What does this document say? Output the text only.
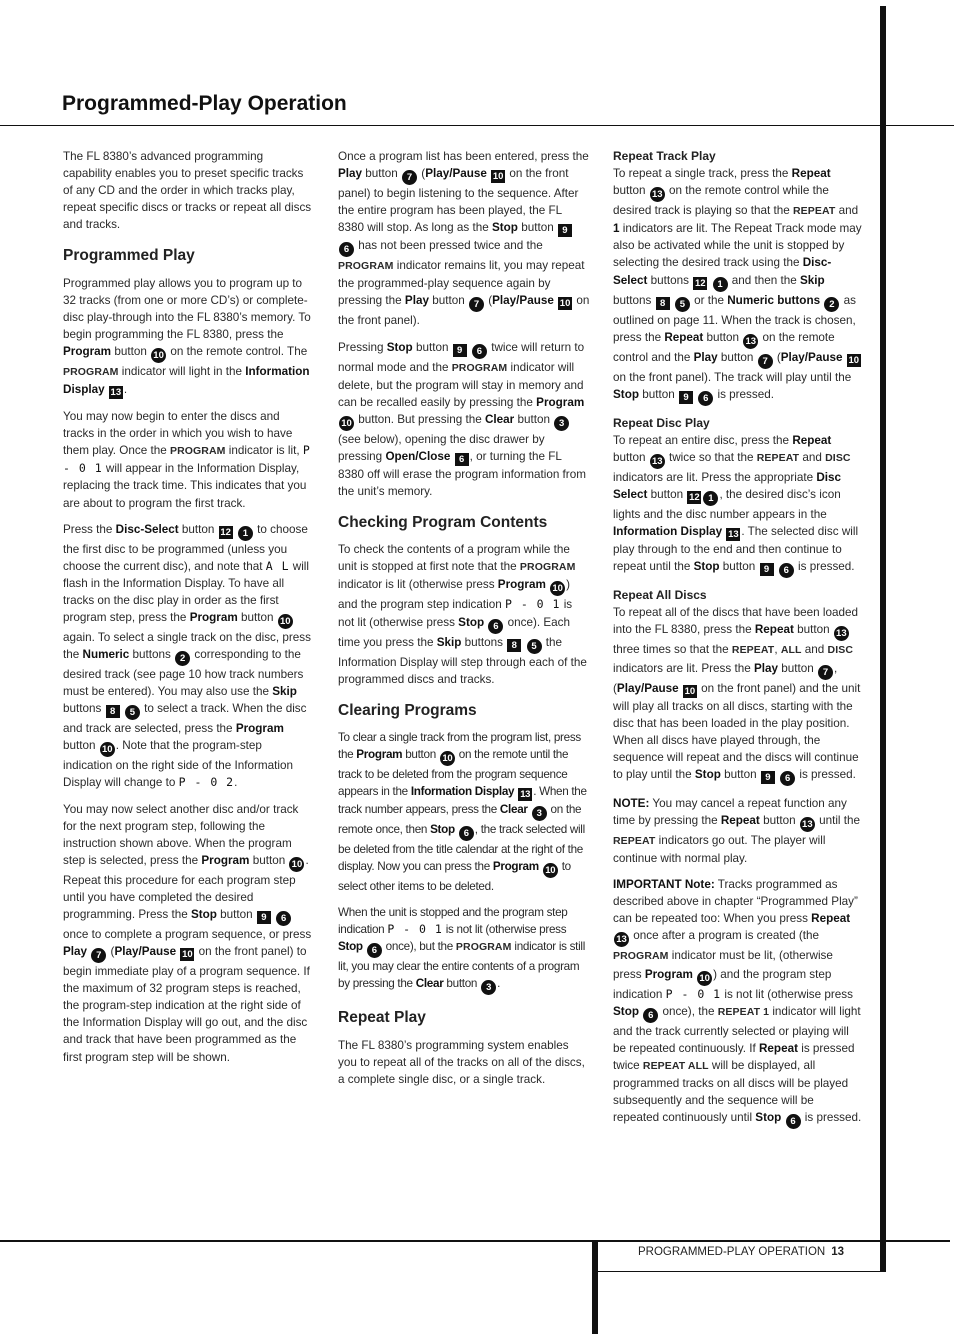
Programmed-Play Operation

The FL 8380’s advanced programming capability enables you to preset specific tracks of any CD and the order in which tracks play, repeat specific discs or tracks or repeat all discs and tracks.

Programmed Play

Programmed play allows you to program up to 32 tracks (from one or more CD’s) or complete-disc play-through into the FL 8380’s memory. To begin programming the FL 8380, press the Program button 10 on the remote control. The PROGRAM indicator will light in the Information Display 13 .

You may now begin to enter the discs and tracks in the order in which you wish to have them play. Once the PROGRAM indicator is lit, P - 0 1 will appear in the Information Display, replacing the track time. This indicates that you are about to program the first track.

Press the Disc-Select button 12 1 to choose the first disc to be programmed (unless you choose the current disc), and note that A L will flash in the Information Display. To have all tracks on the disc play in order as the first program step, press the Program button 10 again. To select a single track on the disc, press the Numeric buttons 2 corresponding to the desired track (see page 10 how track numbers must be entered). You may also use the Skip buttons 8 5 to select a track. When the disc and track are selected, press the Program button 10 . Note that the program-step indication on the right side of the Information Display will change to P - 0 2.

You may now select another disc and/or track for the next program step, following the instruction shown above. When the program step is selected, press the Program button 10 . Repeat this procedure for each program step until you have completed the desired programming. Press the Stop button 9 6 once to complete a program sequence, or press Play 7 (Play/Pause 10 on the front panel) to begin immediate play of a program sequence. If the maximum of 32 program steps is reached, the program-step indication at the right side of the Information Display will go out, and the disc and track that have been programmed as the first program step will be shown.

Once a program list has been entered, press the Play button 7 (Play/Pause 10 on the front panel) to begin listening to the sequence. After the entire program has been played, the FL 8380 will stop. As long as the Stop button 9 6 has not been pressed twice and the PROGRAM indicator remains lit, you may repeat the programmed-play sequence again by pressing the Play button 7 (Play/Pause 10 on the front panel).

Pressing Stop button 9 6 twice will return to normal mode and the PROGRAM indicator will delete, but the program will stay in memory and can be recalled easily by pressing the Program 10 button. But pressing the Clear button 3 (see below), opening the disc drawer by pressing Open/Close 6 , or turning the FL 8380 off will erase the program information from the unit’s memory.

Checking Program Contents

To check the contents of a program while the unit is stopped at first note that the PROGRAM indicator is lit (otherwise press Program 10 ) and the program step indication P - 0 1 is not lit (otherwise press Stop 6 once). Each time you press the Skip buttons 8 5 the Information Display will step through each of the programmed discs and tracks.

Clearing Programs

To clear a single track from the program list, press the Program button 10 on the remote until the track to be deleted from the program sequence appears in the Information Display 13 . When the track number appears, press the Clear 3 on the remote once, then Stop 6 , the track selected will be deleted from the title calendar at the right of the display. Now you can press the Program 10 to select other items to be deleted.

When the unit is stopped and the program step indication P - 0 1 is not lit (otherwise press Stop 6 once), but the PROGRAM indicator is still lit, you may clear the entire contents of a program by pressing the Clear button 3 .

Repeat Play

The FL 8380’s programming system enables you to repeat all of the tracks on all of the discs, a complete single disc, or a single track.

Repeat Track Play

To repeat a single track, press the Repeat button 13 on the remote control while the desired track is playing so that the REPEAT and 1 indicators are lit. The Repeat Track mode may also be activated while the unit is stopped by selecting the desired track using the Disc-Select buttons 12 1 and then the Skip buttons 8 5 or the Numeric buttons 2 as outlined on page 11. When the track is chosen, press the Repeat button 13 on the remote control and the Play button 7 (Play/Pause 10 on the front panel). The track will play until the Stop button 9 6 is pressed.

Repeat Disc Play

To repeat an entire disc, press the Repeat button 13 twice so that the REPEAT and DISC indicators are lit. Press the appropriate Disc Select button 12 1 , the desired disc’s icon lights and the disc number appears in the Information Display 13 . The selected disc will play through to the end and then continue to repeat until the Stop button 9 6 is pressed.

Repeat All Discs

To repeat all of the discs that have been loaded into the FL 8380, press the Repeat button 13 three times so that the REPEAT, ALL and DISC indicators are lit. Press the Play button 7 , (Play/Pause 10 on the front panel) and the unit will play all tracks on all discs, starting with the disc that has been loaded in the play position. When all discs have played through, the sequence will repeat and the discs will continue to play until the Stop button 9 6 is pressed.

NOTE: You may cancel a repeat function any time by pressing the Repeat button 13 until the REPEAT indicators go out. The player will continue with normal play.

IMPORTANT Note: Tracks programmed as described above in chapter “Programmed Play” can be repeated too: When you press Repeat 13 once after a program is created (the PROGRAM indicator must be lit, (otherwise press Program 10 ) and the program step indication P - 0 1 is not lit (otherwise press Stop 6 once), the REPEAT 1 indicator will light and the track currently selected or playing will be repeated continuously. If Repeat is pressed twice REPEAT ALL will be displayed, all programmed tracks on all discs will be played subsequently and the sequence will be repeated continuously until Stop 6 is pressed.

PROGRAMMED-PLAY OPERATION 13
